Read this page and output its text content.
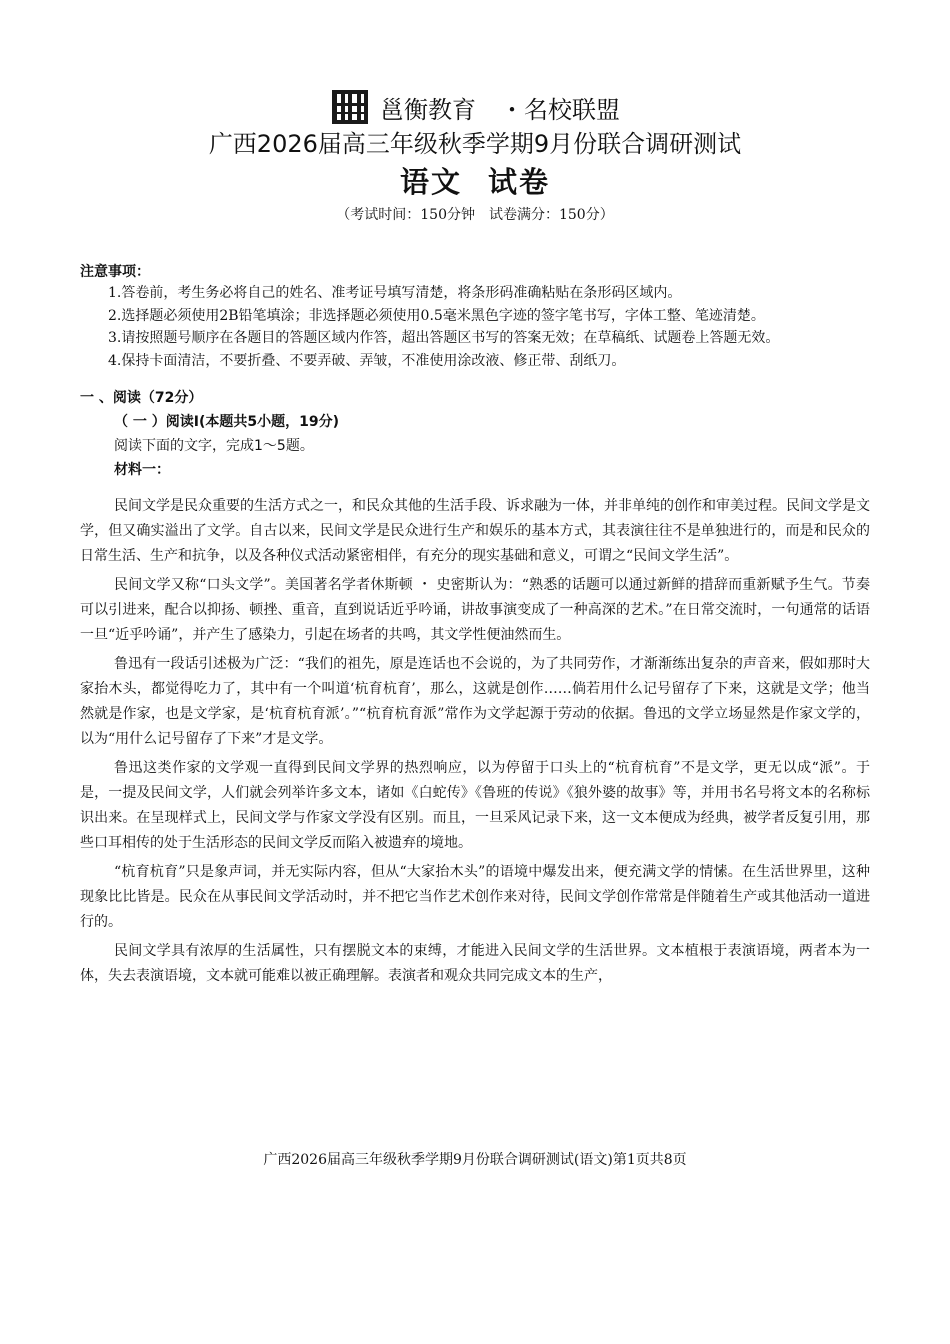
邕衡教育　・名校联盟
广西2026届高三年级秋季学期9月份联合调研测试
语文 试卷
（考试时间：150分钟　试卷满分：150分）
注意事项：

1.答卷前，考生务必将自己的姓名、准考证号填写清楚，将条形码准确粘贴在条形码区域内。

2.选择题必须使用2B铅笔填涂；非选择题必须使用0.5毫米黑色字迹的签字笔书写，字体工整、笔迹清楚。

3.请按照题号顺序在各题目的答题区域内作答，超出答题区书写的答案无效；在草稿纸、试题卷上答题无效。

4.保持卡面清洁，不要折叠、不要弄破、弄皱，不准使用涂改液、修正带、刮纸刀。

一 、阅读（72分）
（ 一 ）阅读Ⅰ(本题共5小题，19分)
阅读下面的文字，完成1～5题。
材料一：

民间文学是民众重要的生活方式之一，和民众其他的生活手段、诉求融为一体，并非单纯的创作和审美过程。民间文学是文学，但又确实溢出了文学。自古以来，民间文学是民众进行生产和娱乐的基本方式，其表演往往不是单独进行的，而是和民众的日常生活、生产和抗争，以及各种仪式活动紧密相伴，有充分的现实基础和意义，可谓之“民间文学生活”。

民间文学又称“口头文学”。美国著名学者休斯顿 ・ 史密斯认为：“熟悉的话题可以通过新鲜的措辞而重新赋予生气。节奏可以引进来，配合以抑扬、顿挫、重音，直到说话近乎吟诵，讲故事演变成了一种高深的艺术。”在日常交流时，一句通常的话语一旦“近乎吟诵”，并产生了感染力，引起在场者的共鸣，其文学性便油然而生。

鲁迅有一段话引述极为广泛：“我们的祖先，原是连话也不会说的，为了共同劳作，才渐渐练出复杂的声音来，假如那时大家抬木头，都觉得吃力了，其中有一个叫道‘杭育杭育’，那么，这就是创作……倘若用什么记号留存了下来，这就是文学；他当然就是作家，也是文学家，是‘杭育杭育派’。”“杭育杭育派”常作为文学起源于劳动的依据。鲁迅的文学立场显然是作家文学的，以为“用什么记号留存了下来”才是文学。

鲁迅这类作家的文学观一直得到民间文学界的热烈响应，以为停留于口头上的“杭育杭育”不是文学，更无以成“派”。于是，一提及民间文学，人们就会列举许多文本，诸如《白蛇传》《鲁班的传说》《狼外婆的故事》等，并用书名号将文本的名称标识出来。在呈现样式上，民间文学与作家文学没有区别。而且，一旦采风记录下来，这一文本便成为经典，被学者反复引用，那些口耳相传的处于生活形态的民间文学反而陷入被遗弃的境地。

“杭育杭育”只是象声词，并无实际内容，但从“大家抬木头”的语境中爆发出来，便充满文学的情愫。在生活世界里，这种现象比比皆是。民众在从事民间文学活动时，并不把它当作艺术创作来对待，民间文学创作常常是伴随着生产或其他活动一道进行的。

民间文学具有浓厚的生活属性，只有摆脱文本的束缚，才能进入民间文学的生活世界。文本植根于表演语境，两者本为一体，失去表演语境，文本就可能难以被正确理解。表演者和观众共同完成文本的生产，

广西2026届高三年级秋季学期9月份联合调研测试(语文)第1页共8页
